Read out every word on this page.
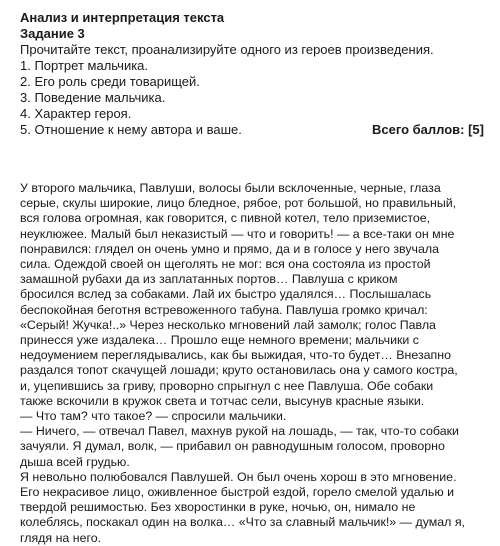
Анализ и интерпретация текста
Задание 3
Прочитайте текст, проанализируйте одного из героев произведения.
1. Портрет мальчика.
2. Его роль среди товарищей.
3. Поведение мальчика.
4. Характер героя.
5. Отношение к нему автора и ваше.	Всего баллов: [5]
У второго мальчика, Павлуши, волосы были всклоченные, черные, глаза
серые, скулы широкие, лицо бледное, рябое, рот большой, но правильный,
вся голова огромная, как говорится, с пивной котел, тело приземистое,
неуклюжее. Малый был неказистый — что и говорить! — а все-таки он мне
понравился: глядел он очень умно и прямо, да и в голосе у него звучала
сила. Одеждой своей он щеголять не мог: вся она состояла из простой
замашной рубахи да из заплатанных портов… Павлуша с криком
бросился вслед за собаками. Лай их быстро удалялся… Послышалась
беспокойная беготня встревоженного табуна. Павлуша громко кричал:
«Серый! Жучка!..» Через несколько мгновений лай замолк; голос Павла
принесся уже издалека… Прошло еще немного времени; мальчики с
недоумением переглядывались, как бы выжидая, что-то будет… Внезапно
раздался топот скачущей лошади; круто остановилась она у самого костра,
и, уцепившись за гриву, проворно спрыгнул с нее Павлуша. Обе собаки
также вскочили в кружок света и тотчас сели, высунув красные языки.
— Что там? что такое? — спросили мальчики.
— Ничего, — отвечал Павел, махнув рукой на лошадь, — так, что-то собаки
зачуяли. Я думал, волк, — прибавил он равнодушным голосом, проворно
дыша всей грудью.
Я невольно полюбовался Павлушей. Он был очень хорош в это мгновение.
Его некрасивое лицо, оживленное быстрой ездой, горело смелой удалью и
твердой решимостью. Без хворостинки в руке, ночью, он, нимало не
колеблясь, поскакал один на волка… «Что за славный мальчик!» — думал я,
глядя на него.
